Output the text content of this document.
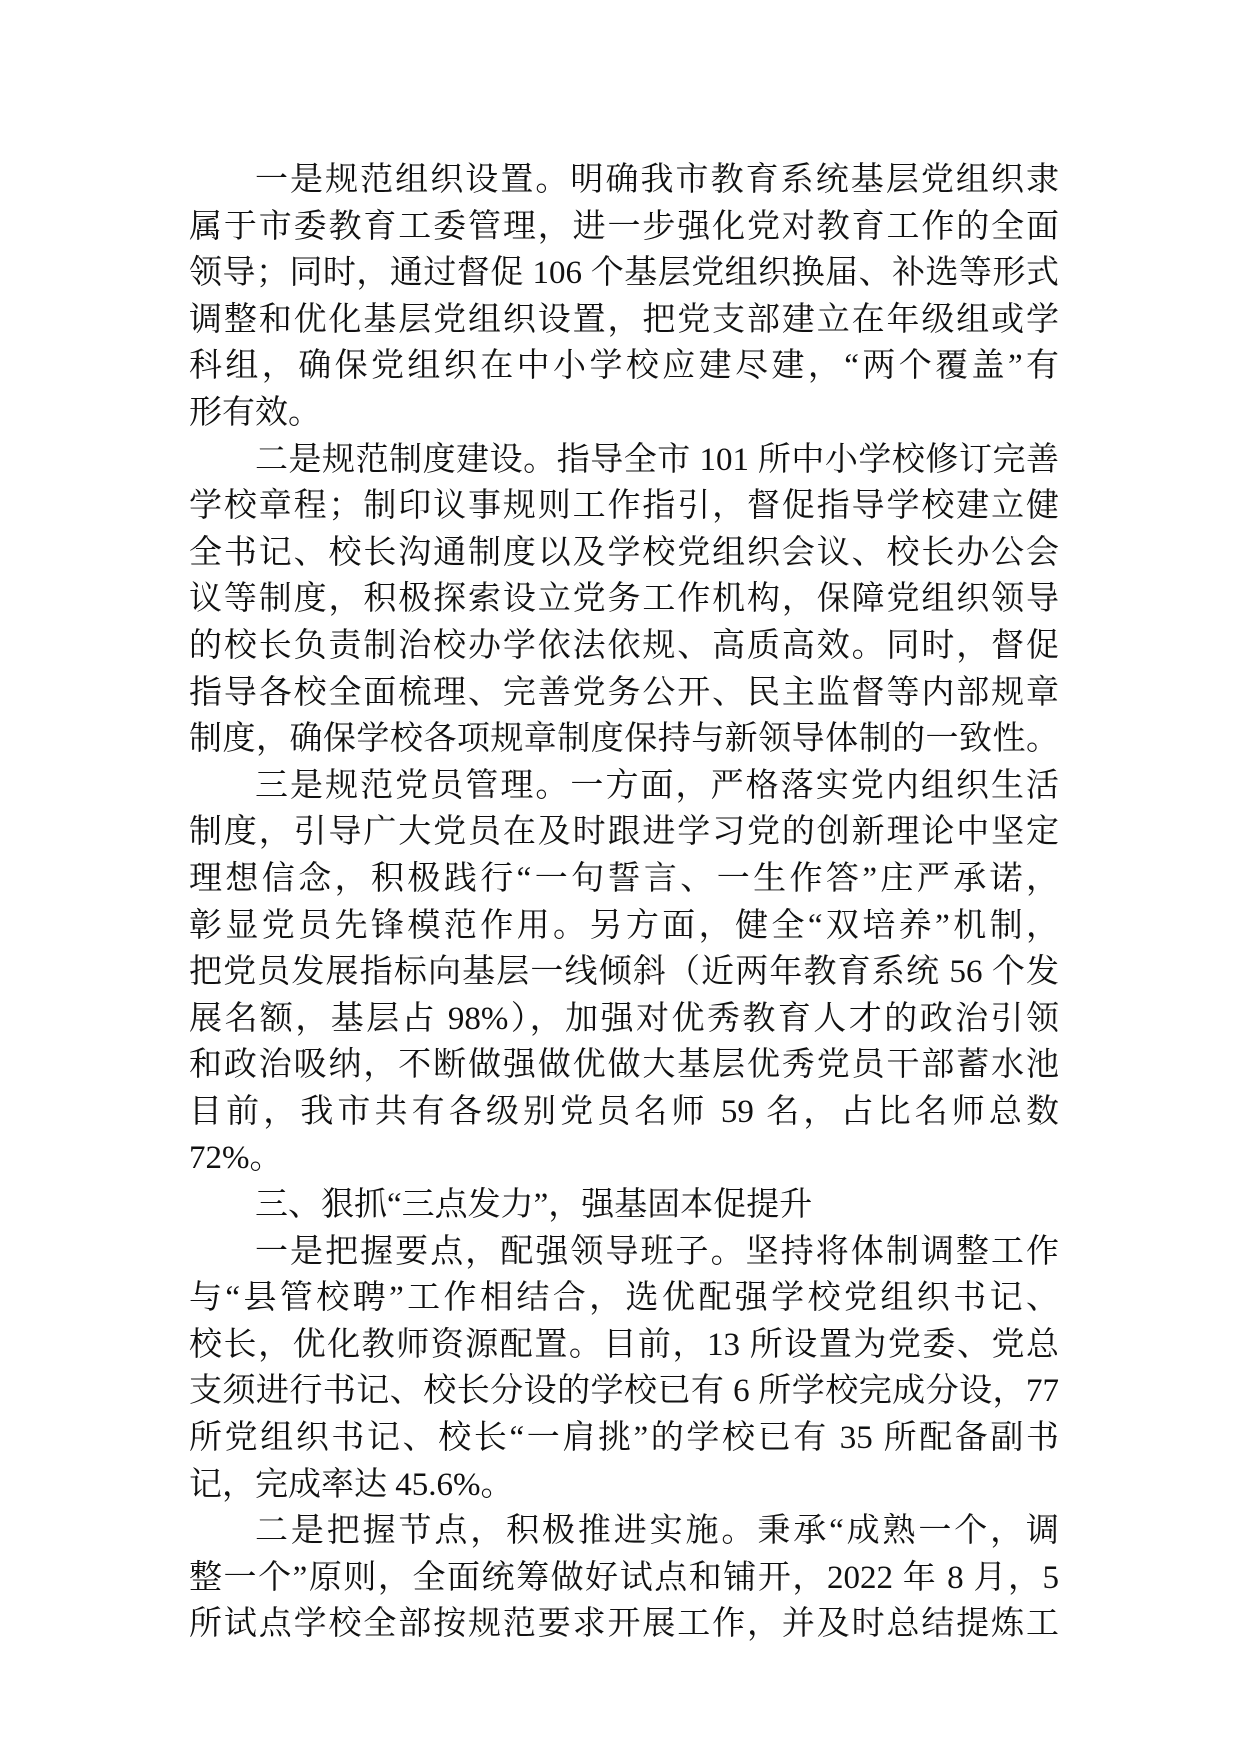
一是规范组织设置。明确我市教育系统基层党组织隶
属于市委教育工委管理，进一步强化党对教育工作的全面
领导；同时，通过督促 106 个基层党组织换届、补选等形式
调整和优化基层党组织设置，把党支部建立在年级组或学
科组，确保党组织在中小学校应建尽建，“两个覆盖”有
形有效。
二是规范制度建设。指导全市 101 所中小学校修订完善
学校章程；制印议事规则工作指引，督促指导学校建立健
全书记、校长沟通制度以及学校党组织会议、校长办公会
议等制度，积极探索设立党务工作机构，保障党组织领导
的校长负责制治校办学依法依规、高质高效。同时，督促
指导各校全面梳理、完善党务公开、民主监督等内部规章
制度，确保学校各项规章制度保持与新领导体制的一致性。
三是规范党员管理。一方面，严格落实党内组织生活
制度，引导广大党员在及时跟进学习党的创新理论中坚定
理想信念，积极践行“一句誓言、一生作答”庄严承诺，
彰显党员先锋模范作用。另方面，健全“双培养”机制，
把党员发展指标向基层一线倾斜（近两年教育系统 56 个发
展名额，基层占 98%），加强对优秀教育人才的政治引领
和政治吸纳，不断做强做优做大基层优秀党员干部蓄水池
目前，我市共有各级别党员名师 59 名，占比名师总数
72%。
三、狠抓“三点发力”，强基固本促提升
一是把握要点，配强领导班子。坚持将体制调整工作
与“县管校聘”工作相结合，选优配强学校党组织书记、
校长，优化教师资源配置。目前，13 所设置为党委、党总
支须进行书记、校长分设的学校已有 6 所学校完成分设，77
所党组织书记、校长“一肩挑”的学校已有 35 所配备副书
记，完成率达 45.6%。
二是把握节点，积极推进实施。秉承“成熟一个，调
整一个”原则，全面统筹做好试点和铺开，2022 年 8 月，5
所试点学校全部按规范要求开展工作，并及时总结提炼工
